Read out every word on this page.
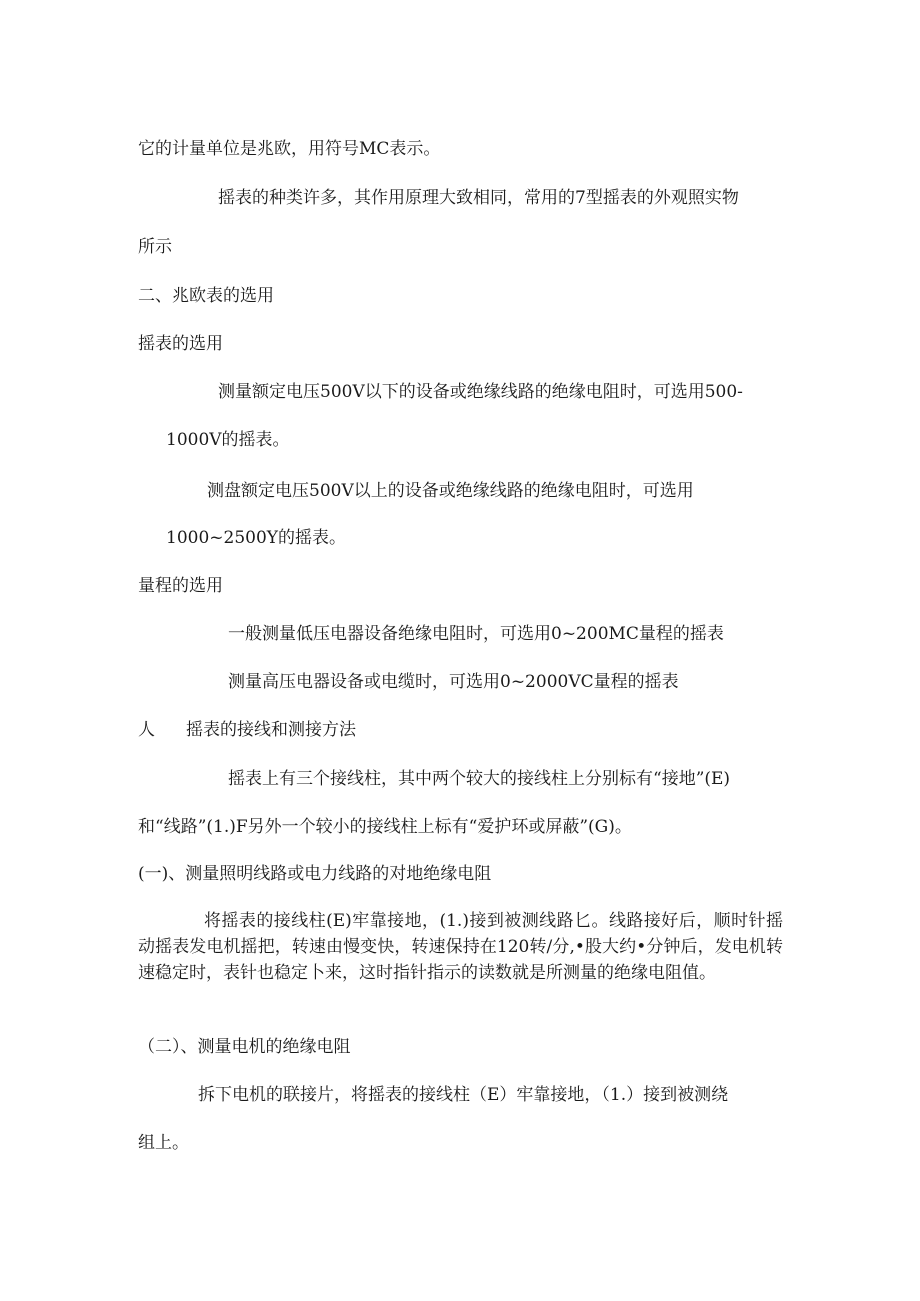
它的计量单位是兆欧，用符号MC表示。
摇表的种类许多，其作用原理大致相同，常用的7型摇表的外观照实物
所示
二、兆欧表的选用
摇表的选用
测量额定电压500V以下的设备或绝缘线路的绝缘电阻时，可选用500-
1000V的摇表。
测盘额定电压500V以上的设备或绝缘线路的绝缘电阻时，可选用
1000~2500Y的摇表。
量程的选用
一般测量低压电器设备绝缘电阻时，可选用0~200MC量程的摇表
测量高压电器设备或电缆时，可选用0~2000VC量程的摇表
人 摇表的接线和测接方法
摇表上有三个接线柱，其中两个较大的接线柱上分别标有“接地”(E)
和“线路”(1.)F另外一个较小的接线柱上标有“爱护环或屏蔽”(G)。
(一)、测量照明线路或电力线路的对地绝缘电阻
将摇表的接线柱(E)牢靠接地，(1.)接到被测线路匕。线路接好后，顺时针摇动摇表发电机摇把，转速由慢变快，转速保持在120转/分,•股大约•分钟后，发电机转速稳定时，表针也稳定卜来，这时指针指示的读数就是所测量的绝缘电阻值。
（二）、测量电机的绝缘电阻
拆下电机的联接片，将摇表的接线柱（E）牢靠接地，（1.）接到被测绕
组上。
